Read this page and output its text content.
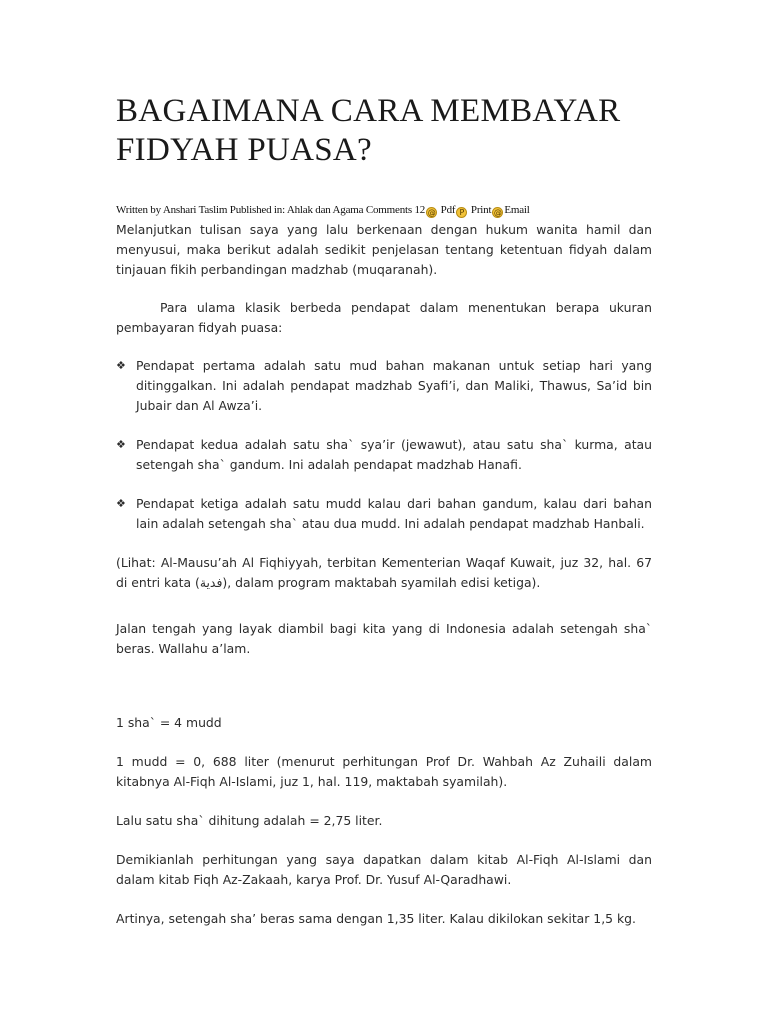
BAGAIMANA CARA MEMBAYAR FIDYAH PUASA?
Written by Anshari Taslim Published in: Ahlak dan Agama Comments 12 @ Pdf P Print @ Email

Melanjutkan tulisan saya yang lalu berkenaan dengan hukum wanita hamil dan menyusui, maka berikut adalah sedikit penjelasan tentang ketentuan fidyah dalam tinjauan fikih perbandingan madzhab (muqaranah).

Para ulama klasik berbeda pendapat dalam menentukan berapa ukuran pembayaran fidyah puasa:

❖ Pendapat pertama adalah satu mud bahan makanan untuk setiap hari yang ditinggalkan. Ini adalah pendapat madzhab Syafi’i, dan Maliki, Thawus, Sa’id bin Jubair dan Al Awza’i.
❖ Pendapat kedua adalah satu sha` sya’ir (jewawut), atau satu sha` kurma, atau setengah sha` gandum. Ini adalah pendapat madzhab Hanafi.
❖ Pendapat ketiga adalah satu mudd kalau dari bahan gandum, kalau dari bahan lain adalah setengah sha` atau dua mudd. Ini adalah pendapat madzhab Hanbali.

(Lihat: Al-Mausu’ah Al Fiqhiyyah, terbitan Kementerian Waqaf Kuwait, juz 32, hal. 67 di entri kata (فدية), dalam program maktabah syamilah edisi ketiga).

Jalan tengah yang layak diambil bagi kita yang di Indonesia adalah setengah sha` beras. Wallahu a’lam.

1 sha` = 4 mudd

1 mudd = 0, 688 liter (menurut perhitungan Prof Dr. Wahbah Az Zuhaili dalam kitabnya Al-Fiqh Al-Islami, juz 1, hal. 119, maktabah syamilah).

Lalu satu sha` dihitung adalah = 2,75 liter.

Demikianlah perhitungan yang saya dapatkan dalam kitab Al-Fiqh Al-Islami dan dalam kitab Fiqh Az-Zakaah, karya Prof. Dr. Yusuf Al-Qaradhawi.

Artinya, setengah sha’ beras sama dengan 1,35 liter. Kalau dikilokan sekitar 1,5 kg.
